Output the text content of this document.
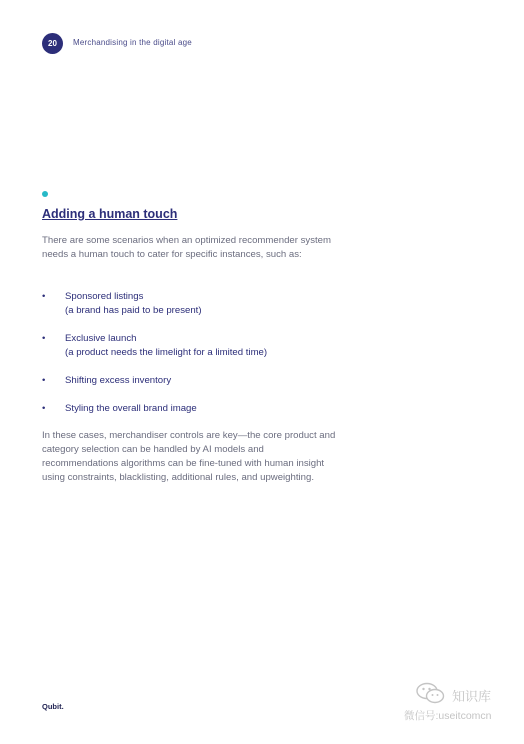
20	Merchandising in the digital age
Adding a human touch

There are some scenarios when an optimized recommender system needs a human touch to cater for specific instances, such as:

• Sponsored listings
(a brand has paid to be present)
• Exclusive launch
(a product needs the limelight for a limited time)
• Shifting excess inventory
• Styling the overall brand image

In these cases, merchandiser controls are key—the core product and category selection can be handled by AI models and recommendations algorithms can be fine-tuned with human insight using constraints, blacklisting, additional rules, and upweighting.

Qubit.
知识库
微信号:useitcomcn
